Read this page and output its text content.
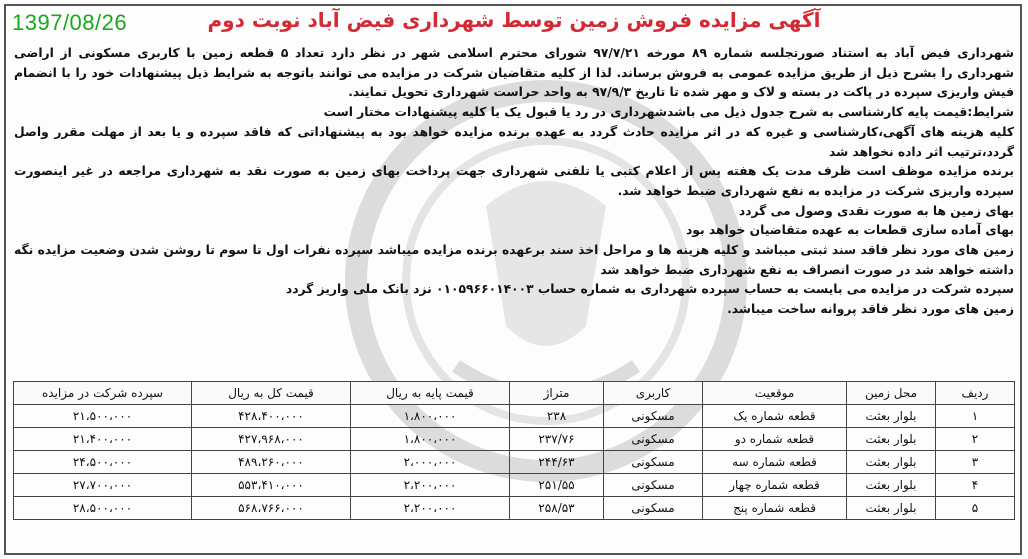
1397/08/26	آگهی مزایده فروش زمین توسط شهرداری فیض آباد نوبت دوم

شهرداری فیض آباد به استناد صورتجلسه شماره ۸۹ مورخه ۹۷/۷/۲۱ شورای محترم اسلامی شهر در نظر دارد تعداد ۵ قطعه زمین با کاربری مسکونی از اراضی شهرداری را بشرح ذیل از طریق مزایده عمومی به فروش برساند. لذا از کلیه متقاضیان شرکت در مزایده می توانند باتوجه به شرایط ذیل پیشنهادات خود را با انضمام فیش واریزی سپرده در پاکت در بسته و لاک و مهر شده تا تاریخ ۹۷/۹/۳ به واحد حراست شهرداری تحویل نمایند.

شرایط:قیمت پایه کارشناسی به شرح جدول ذیل می باشدشهرداری در رد یا قبول یک یا کلیه پیشنهادات مختار است

کلیه هزینه های آگهی،کارشناسی و غیره که در اثر مزایده حادث گردد به عهده برنده مزایده خواهد بود به پیشنهاداتی که فاقد سپرده و یا بعد از مهلت مقرر واصل گردد،ترتیب اثر داده نخواهد شد

برنده مزایده موظف است ظرف مدت یک هفته پس از اعلام کتبی یا تلفنی شهرداری جهت پرداخت بهای زمین به صورت نقد به شهرداری مراجعه در غیر اینصورت سپرده واریزی شرکت در مزایده به نفع شهرداری ضبط خواهد شد.

بهای زمین ها به صورت نقدی وصول می گردد

بهای آماده سازی قطعات به عهده متقاضیان خواهد بود

زمین های مورد نظر فاقد سند ثبتی میباشد و کلیه هزینه ها و مراحل اخذ سند برعهده برنده مزایده میباشد سپرده نفرات اول تا سوم تا روشن شدن وضعیت مزایده نگه داشته خواهد شد در صورت انصراف به نفع شهرداری ضبط خواهد شد

سپرده شرکت در مزایده می بایست به حساب سپرده شهرداری به شماره حساب ۰۱۰۵۹۶۶۰۱۴۰۰۳ نزد بانک ملی واریز گردد

زمین های مورد نظر فاقد پروانه ساخت میباشد.

ردیف	محل زمین	موقعیت	کاربری	متراژ	قیمت پایه به ریال	قیمت کل به ریال	سپرده شرکت در مزایده
۱	بلوار بعثت	قطعه شماره یک	مسکونی	۲۳۸	۱،۸۰۰،۰۰۰	۴۲۸،۴۰۰،۰۰۰	۲۱،۵۰۰،۰۰۰
۲	بلوار بعثت	قطعه شماره دو	مسکونی	۲۳۷/۷۶	۱،۸۰۰،۰۰۰	۴۲۷،۹۶۸،۰۰۰	۲۱،۴۰۰،۰۰۰
۳	بلوار بعثت	قطعه شماره سه	مسکونی	۲۴۴/۶۳	۲،۰۰۰،۰۰۰	۴۸۹،۲۶۰،۰۰۰	۲۴،۵۰۰،۰۰۰
۴	بلوار بعثت	قطعه شماره چهار	مسکونی	۲۵۱/۵۵	۲،۲۰۰،۰۰۰	۵۵۳،۴۱۰،۰۰۰	۲۷،۷۰۰،۰۰۰
۵	بلوار بعثت	قطعه شماره پنج	مسکونی	۲۵۸/۵۳	۲،۲۰۰،۰۰۰	۵۶۸،۷۶۶،۰۰۰	۲۸،۵۰۰،۰۰۰
